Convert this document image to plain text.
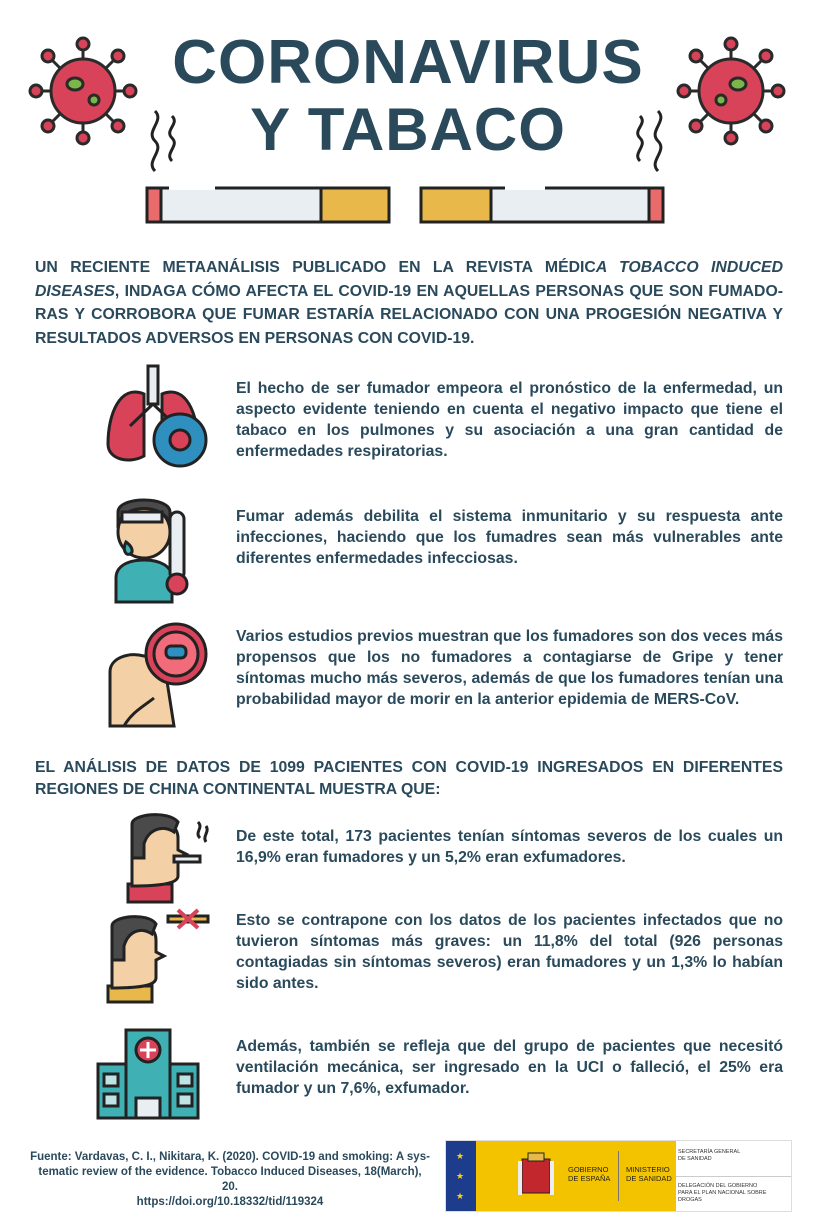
CORONAVIRUS
Y TABACO
UN RECIENTE METAANÁLISIS PUBLICADO EN LA REVISTA MÉDICA TOBACCO INDUCED DISEASES, INDAGA CÓMO AFECTA EL COVID-19 EN AQUELLAS PERSONAS QUE SON FUMADO-RAS Y CORROBORA QUE FUMAR ESTARÍA RELACIONADO CON UNA PROGESIÓN NEGATIVA Y RESULTADOS ADVERSOS EN PERSONAS CON COVID-19.
El hecho de ser fumador empeora el pronóstico de la enfermedad, un aspecto evidente teniendo en cuenta el negativo impacto que tiene el tabaco en los pulmones y su asociación a una gran cantidad de enfermedades respiratorias.
Fumar además debilita el sistema inmunitario y su respuesta ante infecciones, haciendo que los fumadres sean más vulnerables ante diferentes enfermedades infecciosas.
Varios estudios previos muestran que los fumadores son dos veces más propensos que los no fumadores a contagiarse de Gripe y tener síntomas mucho más severos, además de que los fumadores tenían una probabilidad mayor de morir en la anterior epidemia de MERS-CoV.
EL ANÁLISIS DE DATOS DE 1099 PACIENTES CON COVID-19 INGRESADOS EN DIFERENTES REGIONES DE CHINA CONTINENTAL MUESTRA QUE:
De este total, 173 pacientes tenían síntomas severos de los cuales un 16,9% eran fumadores y un 5,2% eran exfumadores.
Esto se contrapone con los datos de los pacientes infectados que no tuvieron síntomas más graves: un 11,8% del total (926 personas contagiadas sin síntomas severos) eran fumadores y un 1,3% lo habían sido antes.
Además, también se refleja que del grupo de pacientes que necesitó ventilación mecánica, ser ingresado en la UCI o falleció, el 25% era fumador y un 7,6%, exfumador.
Fuente: Vardavas, C. I., Nikitara, K. (2020). COVID-19 and smoking: A sys-
tematic review of the evidence. Tobacco Induced Diseases, 18(March), 20.
https://doi.org/10.18332/tid/119324
★
★
★
GOBIERNO
DE ESPAÑA
MINISTERIO
DE SANIDAD
SECRETARÍA GENERAL
DE SANIDAD
DELEGACIÓN DEL GOBIERNO
PARA EL PLAN NACIONAL SOBRE DROGAS
